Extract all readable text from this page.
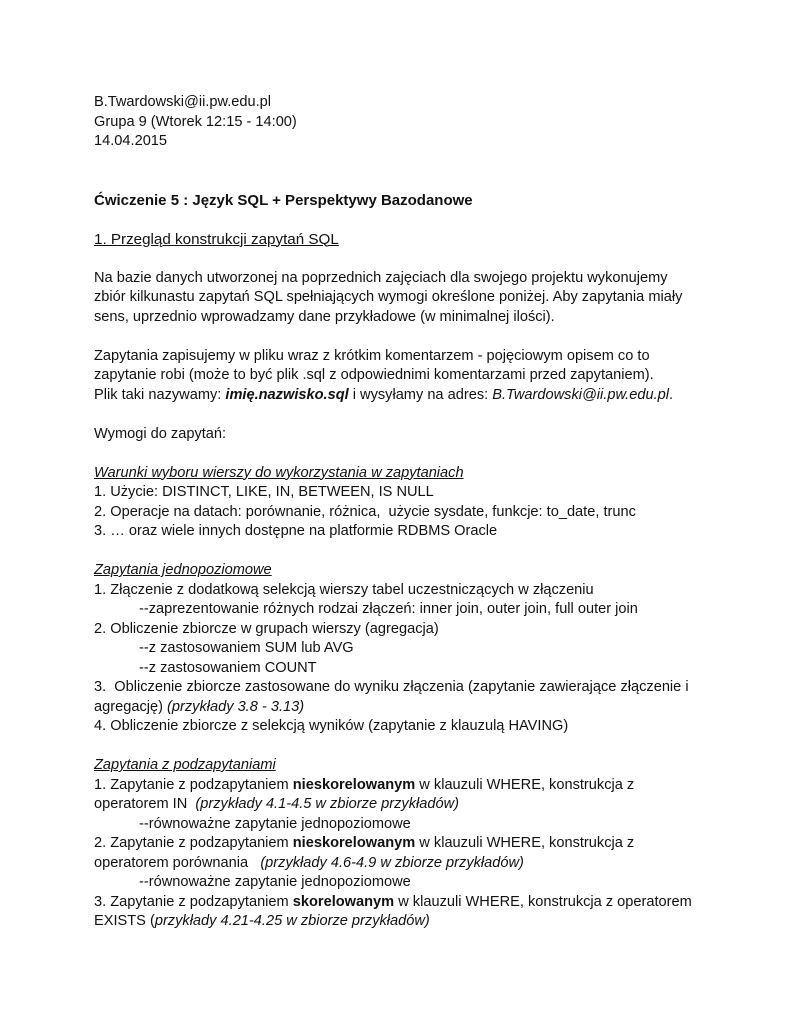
B.Twardowski@ii.pw.edu.pl
Grupa 9 (Wtorek 12:15 - 14:00)
14.04.2015
Ćwiczenie 5 : Język SQL + Perspektywy Bazodanowe
1. Przegląd konstrukcji zapytań SQL
Na bazie danych utworzonej na poprzednich zajęciach dla swojego projektu wykonujemy
zbiór kilkunastu zapytań SQL spełniających wymogi określone poniżej. Aby zapytania miały
sens, uprzednio wprowadzamy dane przykładowe (w minimalnej ilości).
Zapytania zapisujemy w pliku wraz z krótkim komentarzem - pojęciowym opisem co to
zapytanie robi (może to być plik .sql z odpowiednimi komentarzami przed zapytaniem).
Plik taki nazywamy: imię.nazwisko.sql i wysyłamy na adres: B.Twardowski@ii.pw.edu.pl.
Wymogi do zapytań:
Warunki wyboru wierszy do wykorzystania w zapytaniach
1. Użycie: DISTINCT, LIKE, IN, BETWEEN, IS NULL
2. Operacje na datach: porównanie, różnica,  użycie sysdate, funkcje: to_date, trunc
3. … oraz wiele innych dostępne na platformie RDBMS Oracle
Zapytania jednopoziomowe
1. Złączenie z dodatkową selekcją wierszy tabel uczestniczących w złączeniu
--zaprezentowanie różnych rodzai złączeń: inner join, outer join, full outer join
2. Obliczenie zbiorcze w grupach wierszy (agregacja)
--z zastosowaniem SUM lub AVG
--z zastosowaniem COUNT
3.  Obliczenie zbiorcze zastosowane do wyniku złączenia (zapytanie zawierające złączenie i
agregację) (przykłady 3.8 - 3.13)
4. Obliczenie zbiorcze z selekcją wyników (zapytanie z klauzulą HAVING)
Zapytania z podzapytaniami
1. Zapytanie z podzapytaniem nieskorelowanym w klauzuli WHERE, konstrukcja z
operatorem IN  (przykłady 4.1-4.5 w zbiorze przykładów)
--równoważne zapytanie jednopoziomowe
2. Zapytanie z podzapytaniem nieskorelowanym w klauzuli WHERE, konstrukcja z
operatorem porównania   (przykłady 4.6-4.9 w zbiorze przykładów)
--równoważne zapytanie jednopoziomowe
3. Zapytanie z podzapytaniem skorelowanym w klauzuli WHERE, konstrukcja z operatorem
EXISTS (przykłady 4.21-4.25 w zbiorze przykładów)
